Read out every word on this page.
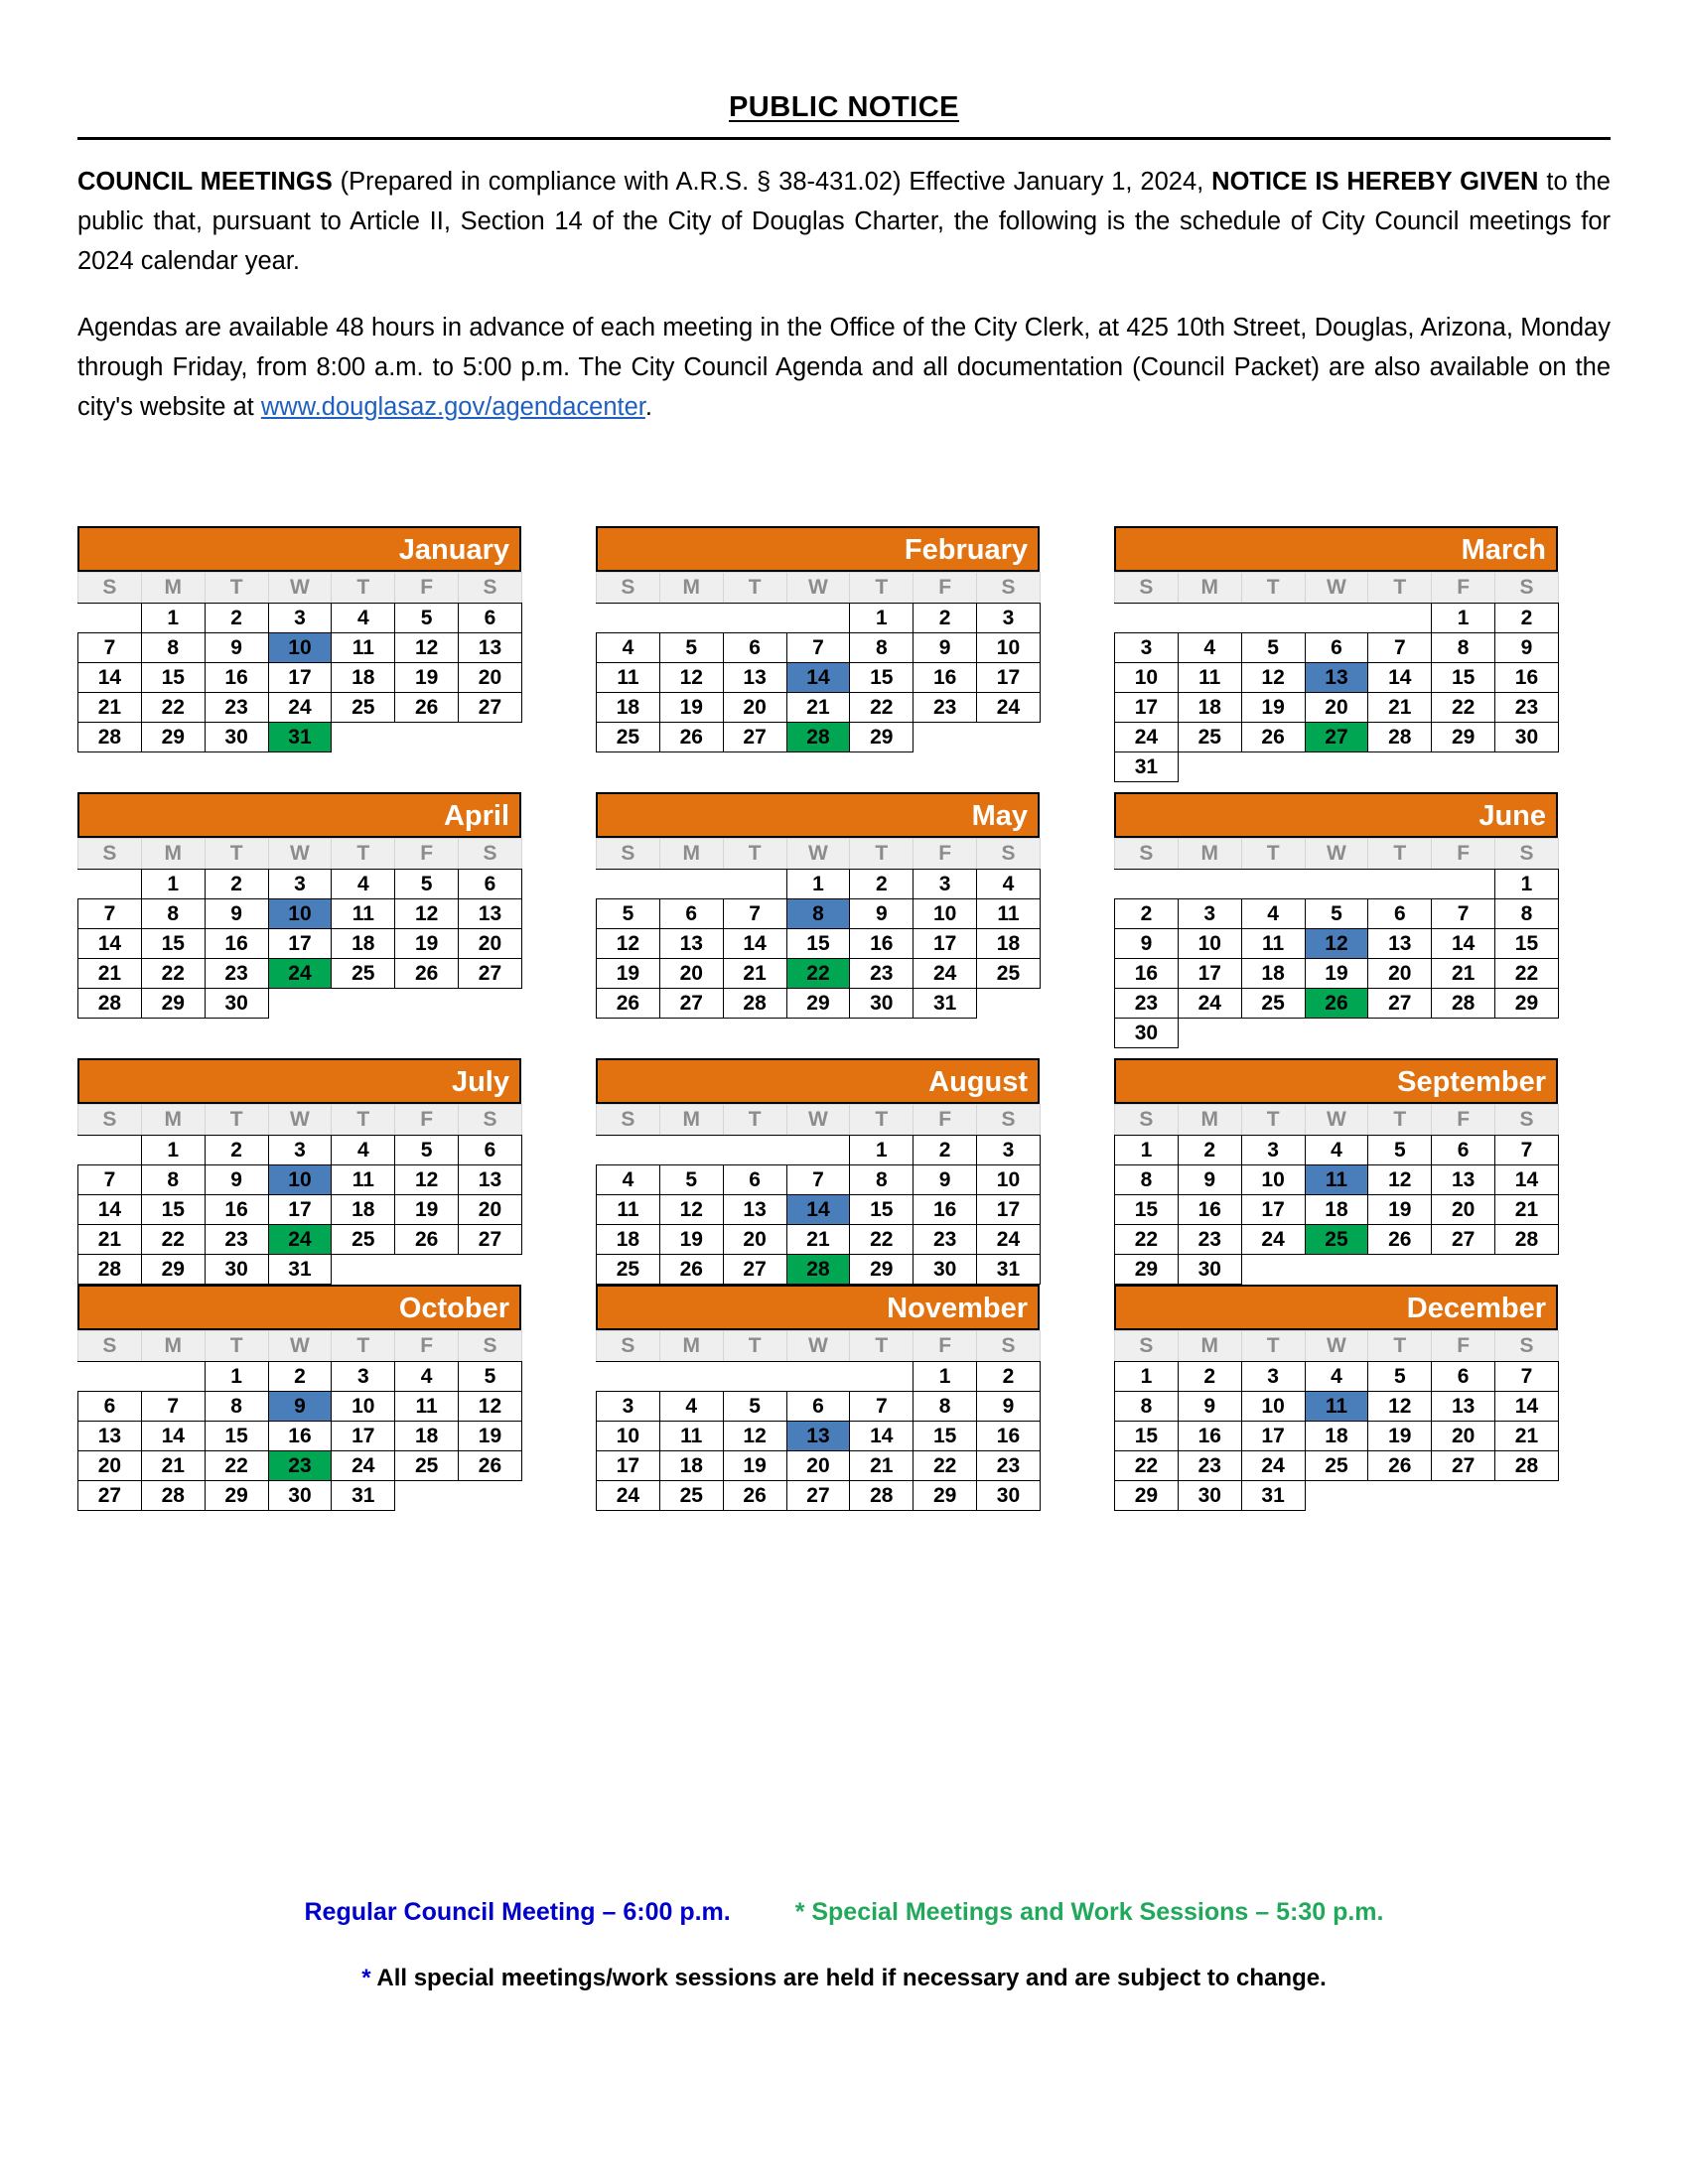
PUBLIC NOTICE

COUNCIL MEETINGS (Prepared in compliance with A.R.S. § 38-431.02) Effective January 1, 2024, NOTICE IS HEREBY GIVEN to the public that, pursuant to Article II, Section 14 of the City of Douglas Charter, the following is the schedule of City Council meetings for 2024 calendar year.

Agendas are available 48 hours in advance of each meeting in the Office of the City Clerk, at 425 10th Street, Douglas, Arizona, Monday through Friday, from 8:00 a.m. to 5:00 p.m. The City Council Agenda and all documentation (Council Packet) are also available on the city's website at www.douglasaz.gov/agendacenter.

January
S	M	T	W	T	F	S
	1	2	3	4	5	6
7	8	9	10	11	12	13
14	15	16	17	18	19	20
21	22	23	24	25	26	27
28	29	30	31			
February
S	M	T	W	T	F	S
				1	2	3
4	5	6	7	8	9	10
11	12	13	14	15	16	17
18	19	20	21	22	23	24
25	26	27	28	29		
March
S	M	T	W	T	F	S
					1	2
3	4	5	6	7	8	9
10	11	12	13	14	15	16
17	18	19	20	21	22	23
24	25	26	27	28	29	30
31						
April
S	M	T	W	T	F	S
	1	2	3	4	5	6
7	8	9	10	11	12	13
14	15	16	17	18	19	20
21	22	23	24	25	26	27
28	29	30				
May
S	M	T	W	T	F	S
			1	2	3	4
5	6	7	8	9	10	11
12	13	14	15	16	17	18
19	20	21	22	23	24	25
26	27	28	29	30	31	
June
S	M	T	W	T	F	S
						1
2	3	4	5	6	7	8
9	10	11	12	13	14	15
16	17	18	19	20	21	22
23	24	25	26	27	28	29
30						
July
S	M	T	W	T	F	S
	1	2	3	4	5	6
7	8	9	10	11	12	13
14	15	16	17	18	19	20
21	22	23	24	25	26	27
28	29	30	31			
August
S	M	T	W	T	F	S
				1	2	3
4	5	6	7	8	9	10
11	12	13	14	15	16	17
18	19	20	21	22	23	24
25	26	27	28	29	30	31
September
S	M	T	W	T	F	S
1	2	3	4	5	6	7
8	9	10	11	12	13	14
15	16	17	18	19	20	21
22	23	24	25	26	27	28
29	30					
October
S	M	T	W	T	F	S
		1	2	3	4	5
6	7	8	9	10	11	12
13	14	15	16	17	18	19
20	21	22	23	24	25	26
27	28	29	30	31		
November
S	M	T	W	T	F	S
					1	2
3	4	5	6	7	8	9
10	11	12	13	14	15	16
17	18	19	20	21	22	23
24	25	26	27	28	29	30
December
S	M	T	W	T	F	S
1	2	3	4	5	6	7
8	9	10	11	12	13	14
15	16	17	18	19	20	21
22	23	24	25	26	27	28
29	30	31				
Regular Council Meeting – 6:00 p.m.	* Special Meetings and Work Sessions – 5:30 p.m.
* All special meetings/work sessions are held if necessary and are subject to change.
